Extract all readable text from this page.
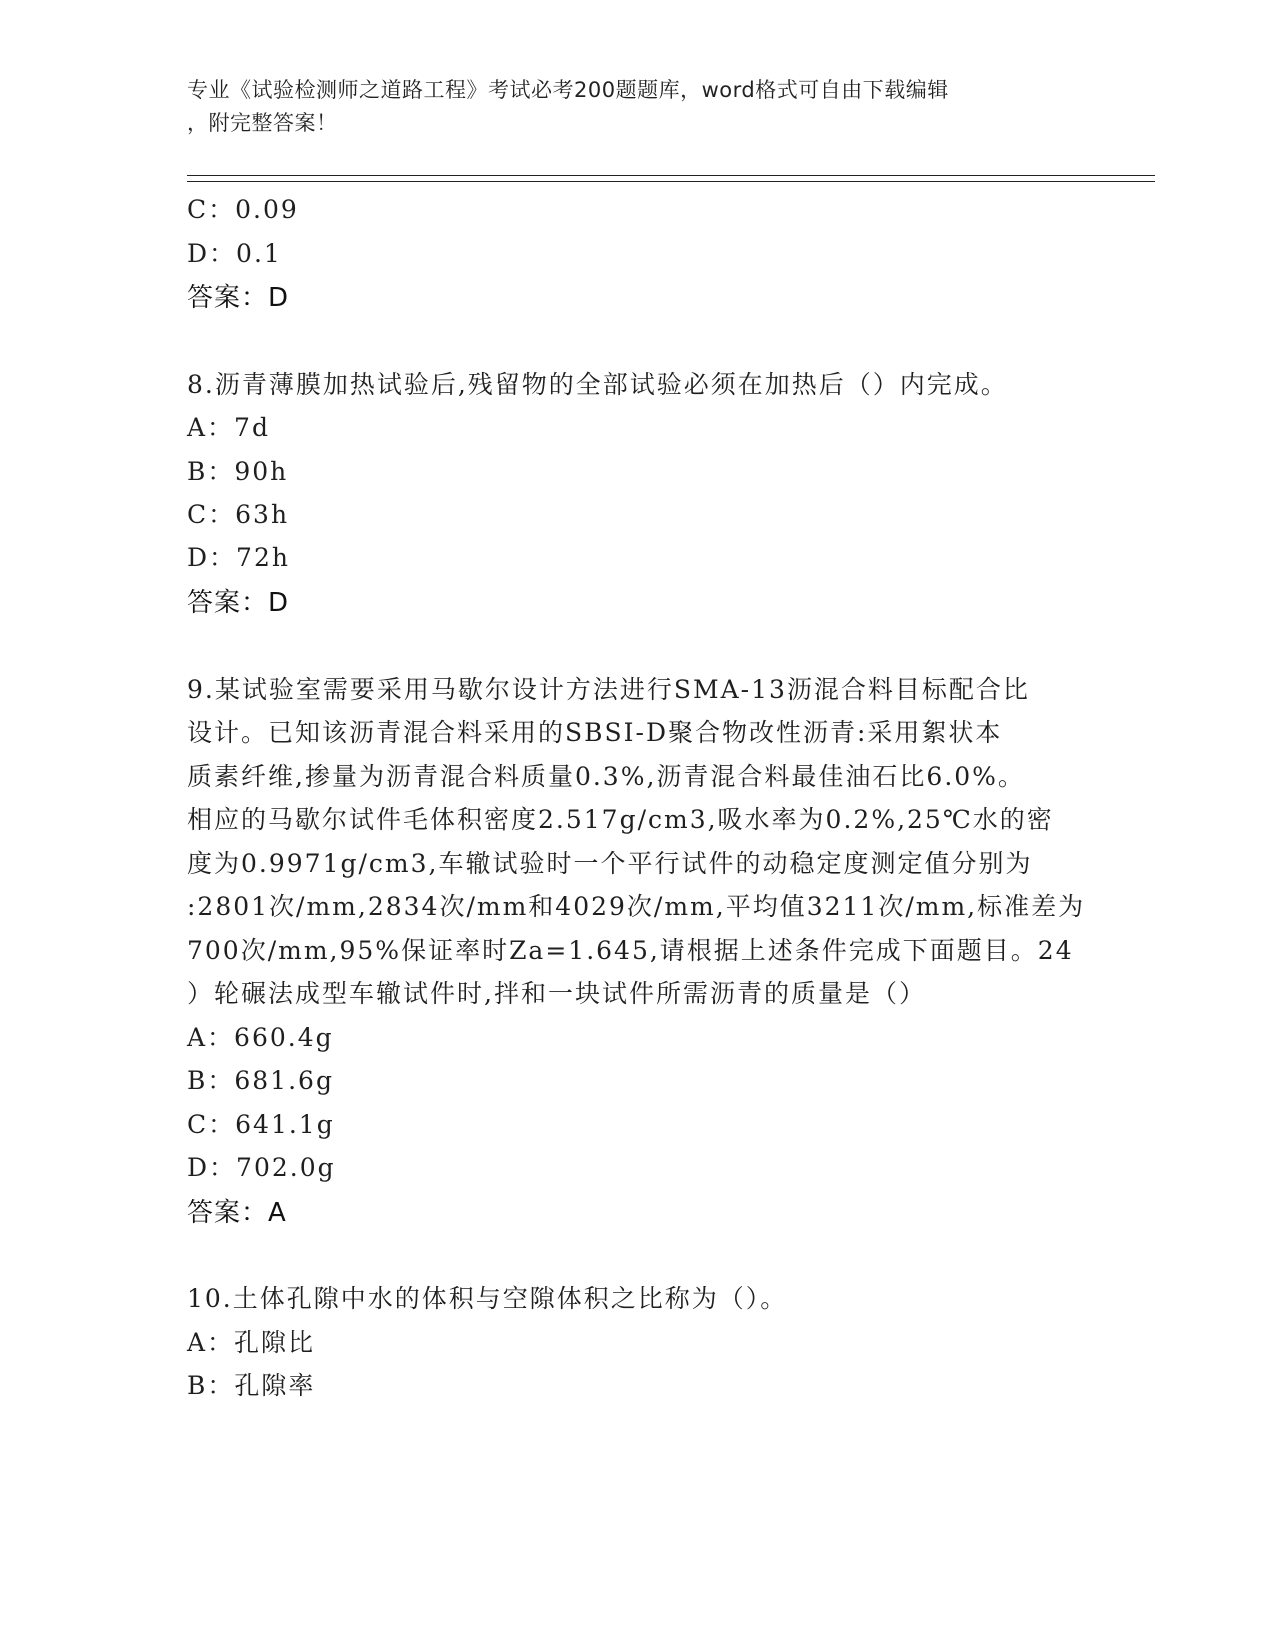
专业《试验检测师之道路工程》考试必考200题题库，word格式可自由下载编辑
，附完整答案！
C：0.09
D：0.1
答案：D
8.沥青薄膜加热试验后,残留物的全部试验必须在加热后（）内完成。
A：7d
B：90h
C：63h
D：72h
答案：D
9.某试验室需要采用马歇尔设计方法进行SMA-13沥混合料目标配合比
设计。已知该沥青混合料采用的SBSI-D聚合物改性沥青:采用絮状本
质素纤维,掺量为沥青混合料质量0.3%,沥青混合料最佳油石比6.0%。
相应的马歇尔试件毛体积密度2.517g/cm3,吸水率为0.2%,25℃水的密
度为0.9971g/cm3,车辙试验时一个平行试件的动稳定度测定值分别为
:2801次/mm,2834次/mm和4029次/mm,平均值3211次/mm,标准差为
700次/mm,95%保证率时Za=1.645,请根据上述条件完成下面题目。24
）轮碾法成型车辙试件时,拌和一块试件所需沥青的质量是（）
A：660.4g
B：681.6g
C：641.1g
D：702.0g
答案：A
10.土体孔隙中水的体积与空隙体积之比称为（）。
A：孔隙比
B：孔隙率
